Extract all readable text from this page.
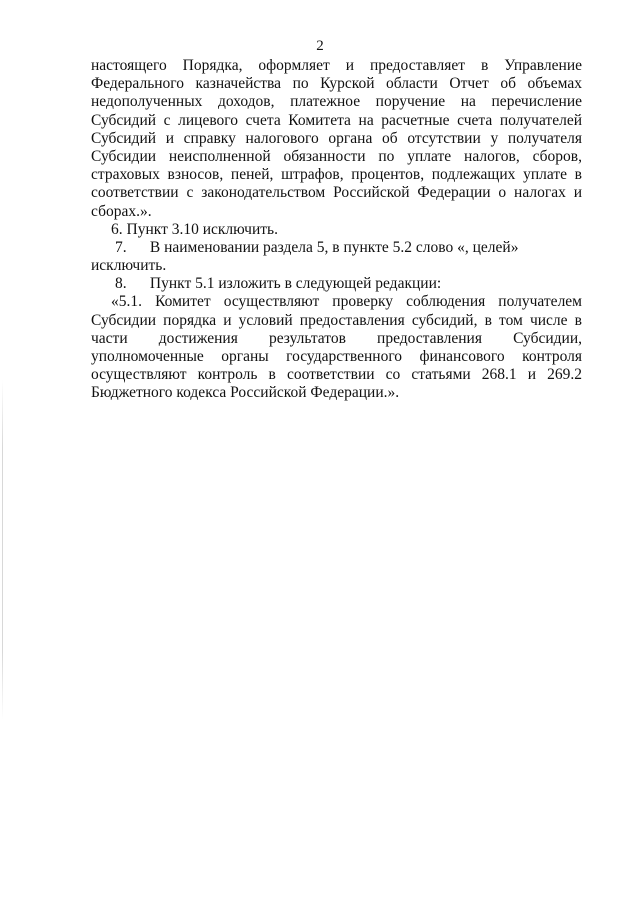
2
настоящего Порядка, оформляет и предоставляет в Управление
Федерального казначейства по Курской области Отчет об объемах
недополученных доходов, платежное поручение на перечисление
Субсидий с лицевого счета Комитета на расчетные счета получателей
Субсидий и справку налогового органа об отсутствии у получателя
Субсидии неисполненной обязанности по уплате налогов, сборов,
страховых взносов, пеней, штрафов, процентов, подлежащих уплате в
соответствии с законодательством Российской Федерации о налогах и
сборах.».
6. Пункт 3.10 исключить.
7.      В наименовании раздела 5, в пункте 5.2 слово «, целей»
исключить.
8.      Пункт 5.1 изложить в следующей редакции:
«5.1. Комитет осуществляют проверку соблюдения получателем
Субсидии порядка и условий предоставления субсидий, в том числе в
части достижения результатов предоставления Субсидии,
уполномоченные органы государственного финансового контроля
осуществляют контроль в соответствии со статьями 268.1 и 269.2
Бюджетного кодекса Российской Федерации.».
